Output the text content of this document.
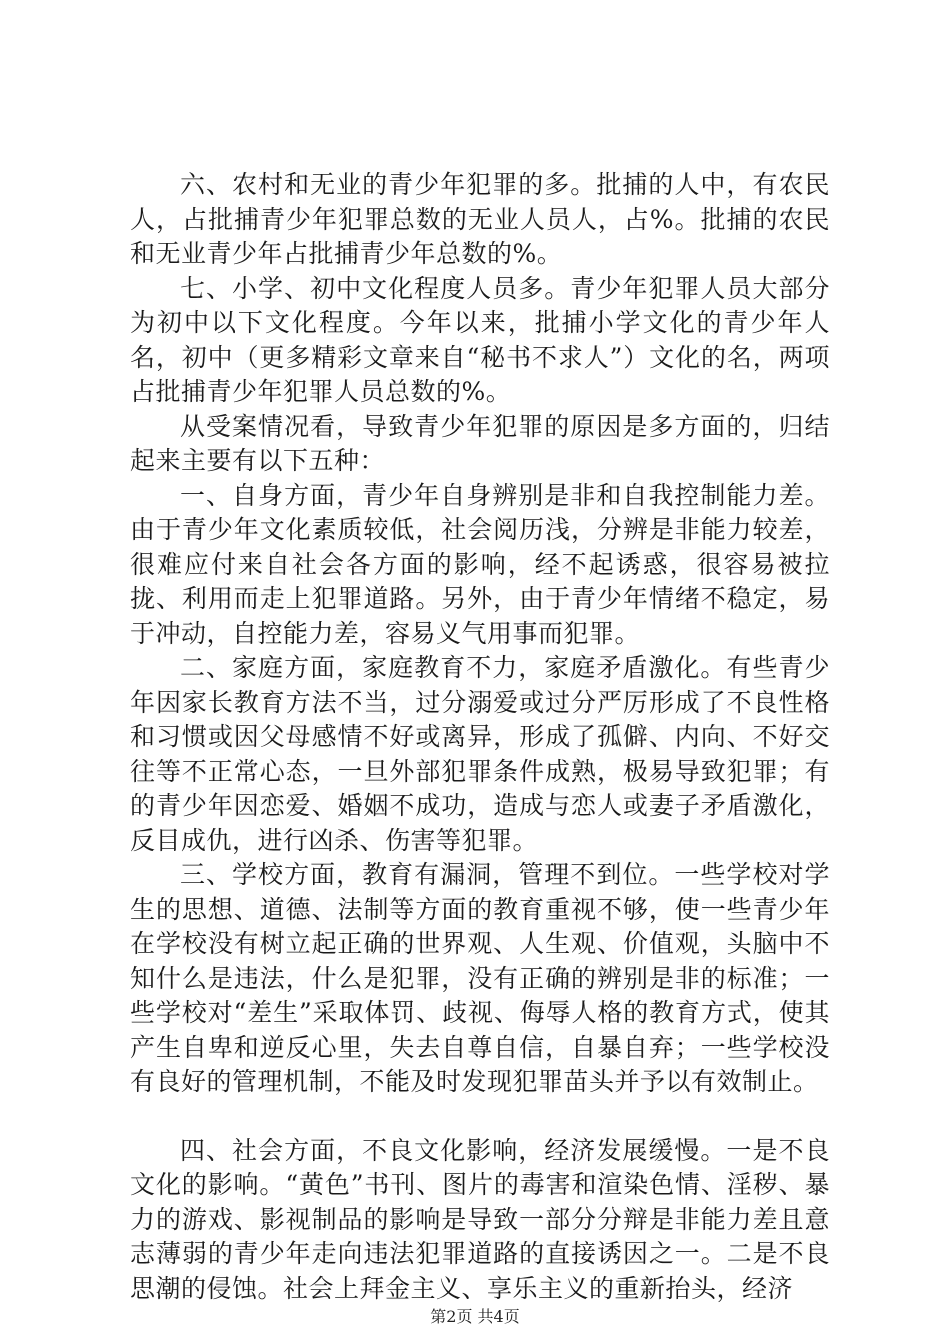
六、农村和无业的青少年犯罪的多。批捕的人中，有农民人，占批捕青少年犯罪总数的无业人员人，占%。批捕的农民和无业青少年占批捕青少年总数的%。

七、小学、初中文化程度人员多。青少年犯罪人员大部分为初中以下文化程度。今年以来，批捕小学文化的青少年人名，初中（更多精彩文章来自“秘书不求人”）文化的名，两项占批捕青少年犯罪人员总数的%。

从受案情况看，导致青少年犯罪的原因是多方面的，归结起来主要有以下五种：

一、自身方面，青少年自身辨别是非和自我控制能力差。由于青少年文化素质较低，社会阅历浅，分辨是非能力较差，很难应付来自社会各方面的影响，经不起诱惑，很容易被拉拢、利用而走上犯罪道路。另外，由于青少年情绪不稳定，易于冲动，自控能力差，容易义气用事而犯罪。

二、家庭方面，家庭教育不力，家庭矛盾激化。有些青少年因家长教育方法不当，过分溺爱或过分严厉形成了不良性格和习惯或因父母感情不好或离异，形成了孤僻、内向、不好交往等不正常心态，一旦外部犯罪条件成熟，极易导致犯罪；有的青少年因恋爱、婚姻不成功，造成与恋人或妻子矛盾激化，反目成仇，进行凶杀、伤害等犯罪。

三、学校方面，教育有漏洞，管理不到位。一些学校对学生的思想、道德、法制等方面的教育重视不够，使一些青少年在学校没有树立起正确的世界观、人生观、价值观，头脑中不知什么是违法，什么是犯罪，没有正确的辨别是非的标准；一些学校对“差生”采取体罚、歧视、侮辱人格的教育方式，使其产生自卑和逆反心里，失去自尊自信，自暴自弃；一些学校没有良好的管理机制，不能及时发现犯罪苗头并予以有效制止。

四、社会方面，不良文化影响，经济发展缓慢。一是不良文化的影响。“黄色”书刊、图片的毒害和渲染色情、淫秽、暴力的游戏、影视制品的影响是导致一部分分辩是非能力差且意志薄弱的青少年走向违法犯罪道路的直接诱因之一。二是不良思潮的侵蚀。社会上拜金主义、享乐主义的重新抬头，经济

第2页 共4页
